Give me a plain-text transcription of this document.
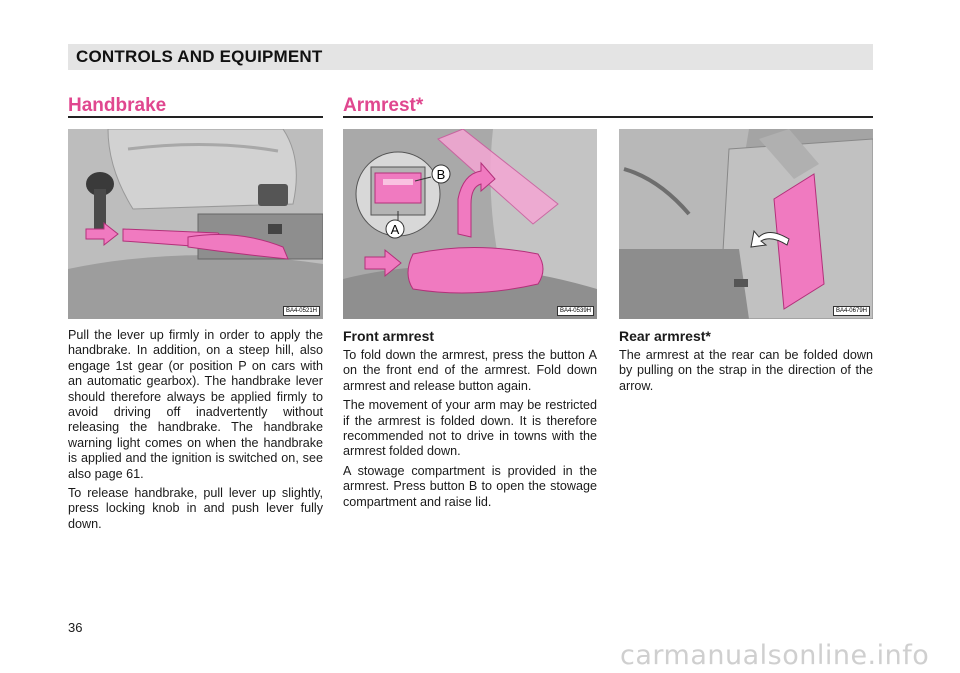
CONTROLS AND EQUIPMENT
Handbrake
BA4-0521H

Pull the lever up firmly in order to apply the handbrake. In addition, on a steep hill, also engage 1st gear (or position P on cars with an automatic gearbox). The handbrake lever should therefore always be applied firmly to avoid driving off inadvertently without releasing the handbrake. The handbrake warning light comes on when the handbrake is applied and the ignition is switched on, see also page 61.

To release handbrake, pull lever up slightly, press locking knob in and push lever fully down.

Armrest*
B
A
BA4-0539H	BA4-0679H
Front armrest

To fold down the armrest, press the button A on the front end of the armrest. Fold down armrest and release button again.

The movement of your arm may be restricted if the armrest is folded down. It is therefore recommended not to drive in towns with the armrest folded down.

A stowage compartment is provided in the armrest. Press button B to open the stowage compartment and raise lid.

Rear armrest*

The armrest at the rear can be folded down by pulling on the strap in the direction of the arrow.

36
carmanualsonline.info
